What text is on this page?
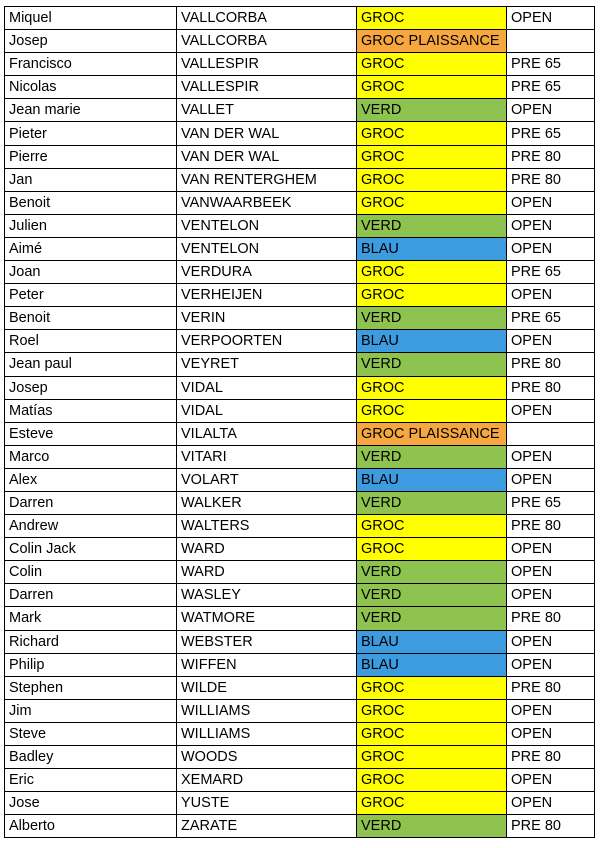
Miquel	VALLCORBA	GROC	OPEN
Josep	VALLCORBA	GROC PLAISSANCE	
Francisco	VALLESPIR	GROC	PRE 65
Nicolas	VALLESPIR	GROC	PRE 65
Jean marie	VALLET	VERD	OPEN
Pieter	VAN DER WAL	GROC	PRE 65
Pierre	VAN DER WAL	GROC	PRE 80
Jan	VAN RENTERGHEM	GROC	PRE 80
Benoit	VANWAARBEEK	GROC	OPEN
Julien	VENTELON	VERD	OPEN
Aimé	VENTELON	BLAU	OPEN
Joan	VERDURA	GROC	PRE 65
Peter	VERHEIJEN	GROC	OPEN
Benoit	VERIN	VERD	PRE 65
Roel	VERPOORTEN	BLAU	OPEN
Jean paul	VEYRET	VERD	PRE 80
Josep	VIDAL	GROC	PRE 80
Matías	VIDAL	GROC	OPEN
Esteve	VILALTA	GROC PLAISSANCE	
Marco	VITARI	VERD	OPEN
Alex	VOLART	BLAU	OPEN
Darren	WALKER	VERD	PRE 65
Andrew	WALTERS	GROC	PRE 80
Colin Jack	WARD	GROC	OPEN
Colin	WARD	VERD	OPEN
Darren	WASLEY	VERD	OPEN
Mark	WATMORE	VERD	PRE 80
Richard	WEBSTER	BLAU	OPEN
Philip	WIFFEN	BLAU	OPEN
Stephen	WILDE	GROC	PRE 80
Jim	WILLIAMS	GROC	OPEN
Steve	WILLIAMS	GROC	OPEN
Badley	WOODS	GROC	PRE 80
Eric	XEMARD	GROC	OPEN
Jose	YUSTE	GROC	OPEN
Alberto	ZARATE	VERD	PRE 80
